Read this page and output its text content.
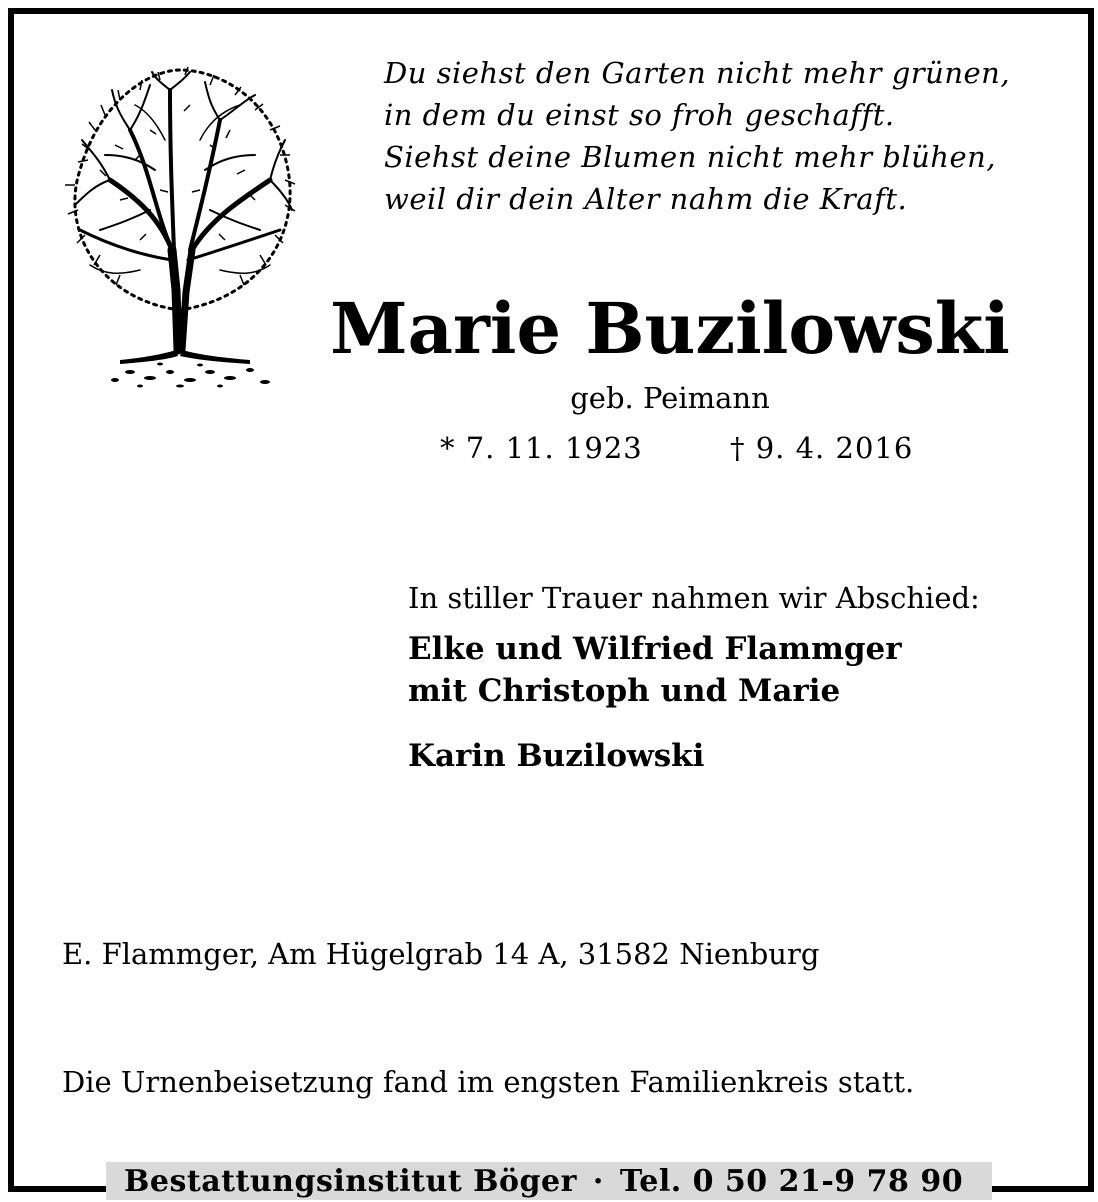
Du siehst den Garten nicht mehr grünen,
in dem du einst so froh geschafft.
Siehst deine Blumen nicht mehr blühen,
weil dir dein Alter nahm die Kraft.
Marie Buzilowski
geb. Peimann
* 7. 11. 1923	† 9. 4. 2016
In stiller Trauer nahmen wir Abschied:
Elke und Wilfried Flammger
mit Christoph und Marie
Karin Buzilowski
E. Flammger, Am Hügelgrab 14 A, 31582 Nienburg
Die Urnenbeisetzung fand im engsten Familienkreis statt.
Bestattungsinstitut Böger · Tel. 0 50 21-9 78 90
